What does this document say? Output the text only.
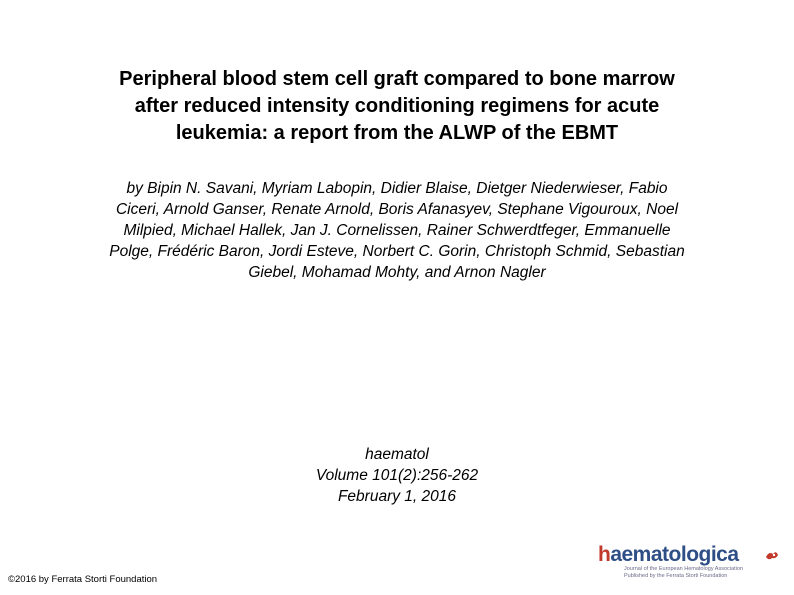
Peripheral blood stem cell graft compared to bone marrow
after reduced intensity conditioning regimens for acute
leukemia: a report from the ALWP of the EBMT
by Bipin N. Savani, Myriam Labopin, Didier Blaise, Dietger Niederwieser, Fabio
Ciceri, Arnold Ganser, Renate Arnold, Boris Afanasyev, Stephane Vigouroux, Noel
Milpied, Michael Hallek, Jan J. Cornelissen, Rainer Schwerdtfeger, Emmanuelle
Polge, Frédéric Baron, Jordi Esteve, Norbert C. Gorin, Christoph Schmid, Sebastian
Giebel, Mohamad Mohty, and Arnon Nagler
haematol
Volume 101(2):256-262
February 1, 2016
©2016 by Ferrata Storti Foundation
h aematologica
Journal of the European Hematology Association
Published by the Ferrata Storti Foundation
